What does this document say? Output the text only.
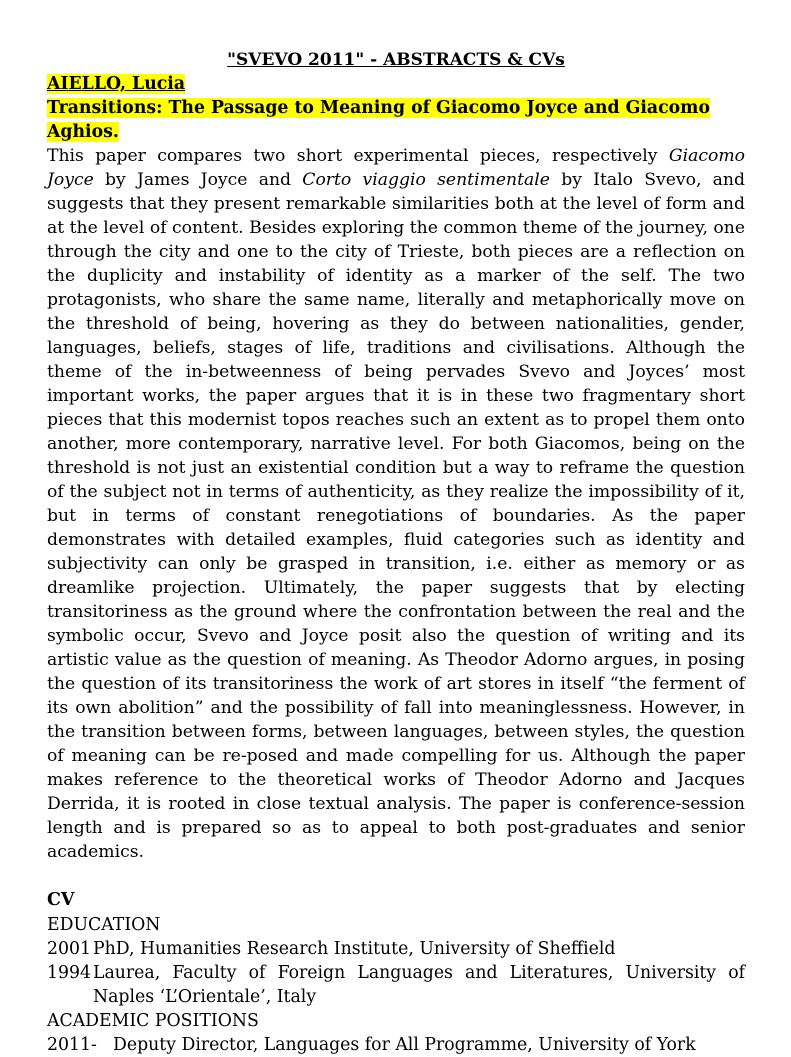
"SVEVO 2011" - ABSTRACTS & CVs
AIELLO, Lucia
Transitions: The Passage to Meaning of Giacomo Joyce and Giacomo Aghios.

This paper compares two short experimental pieces, respectively Giacomo Joyce by James Joyce and Corto viaggio sentimentale by Italo Svevo, and suggests that they present remarkable similarities both at the level of form and at the level of content. Besides exploring the common theme of the journey, one through the city and one to the city of Trieste, both pieces are a reflection on the duplicity and instability of identity as a marker of the self. The two protagonists, who share the same name, literally and metaphorically move on the threshold of being, hovering as they do between nationalities, gender, languages, beliefs, stages of life, traditions and civilisations. Although the theme of the in-betweenness of being pervades Svevo and Joyces’ most important works, the paper argues that it is in these two fragmentary short pieces that this modernist topos reaches such an extent as to propel them onto another, more contemporary, narrative level. For both Giacomos, being on the threshold is not just an existential condition but a way to reframe the question of the subject not in terms of authenticity, as they realize the impossibility of it, but in terms of constant renegotiations of boundaries. As the paper demonstrates with detailed examples, fluid categories such as identity and subjectivity can only be grasped in transition, i.e. either as memory or as dreamlike projection. Ultimately, the paper suggests that by electing transitoriness as the ground where the confrontation between the real and the symbolic occur, Svevo and Joyce posit also the question of writing and its artistic value as the question of meaning. As Theodor Adorno argues, in posing the question of its transitoriness the work of art stores in itself “the ferment of its own abolition” and the possibility of fall into meaninglessness. However, in the transition between forms, between languages, between styles, the question of meaning can be re-posed and made compelling for us. Although the paper makes reference to the theoretical works of Theodor Adorno and Jacques Derrida, it is rooted in close textual analysis. The paper is conference-session length and is prepared so as to appeal to both post-graduates and senior academics.

CV
EDUCATION
2001 PhD, Humanities Research Institute, University of Sheffield
1994 Laurea, Faculty of Foreign Languages and Literatures, University of Naples ‘L’Orientale’, Italy
ACADEMIC POSITIONS
2011- Deputy Director, Languages for All Programme, University of York
